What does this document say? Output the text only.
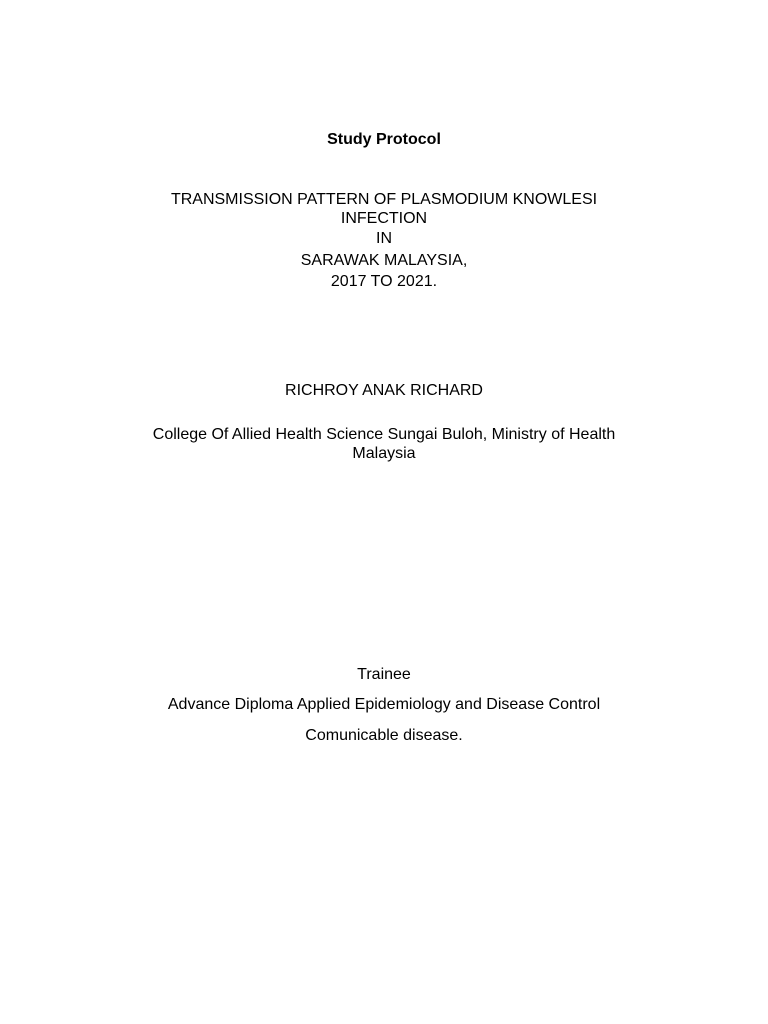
Study Protocol
TRANSMISSION PATTERN OF PLASMODIUM KNOWLESI
INFECTION
IN
SARAWAK MALAYSIA,
2017 TO 2021.
RICHROY ANAK RICHARD
College Of Allied Health Science Sungai Buloh, Ministry of Health
Malaysia
Trainee
Advance Diploma Applied Epidemiology and Disease Control
Comunicable disease.
